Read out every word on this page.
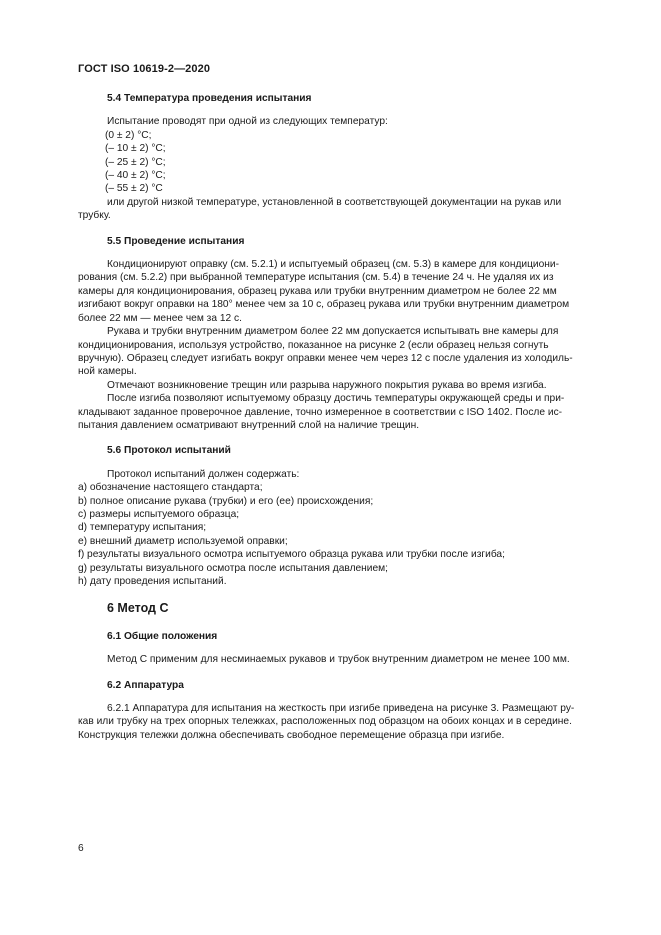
ГОСТ ISO 10619-2—2020

5.4 Температура проведения испытания

Испытание проводят при одной из следующих температур:

(0 ± 2) °С;

(– 10 ± 2) °С;

(– 25 ± 2) °С;

(– 40 ± 2) °С;

(– 55 ± 2) °С

или другой низкой температуре, установленной в соответствующей документации на рукав или

трубку.

5.5 Проведение испытания

Кондиционируют оправку (см. 5.2.1) и испытуемый образец (см. 5.3) в камере для кондициони-

рования (см. 5.2.2) при выбранной температуре испытания (см. 5.4) в течение 24 ч. Не удаляя их из

камеры для кондиционирования, образец рукава или трубки внутренним диаметром не более 22 мм

изгибают вокруг оправки на 180° менее чем за 10 с, образец рукава или трубки внутренним диаметром

более 22 мм — менее чем за 12 с.

Рукава и трубки внутренним диаметром более 22 мм допускается испытывать вне камеры для

кондиционирования, используя устройство, показанное на рисунке 2 (если образец нельзя согнуть

вручную). Образец следует изгибать вокруг оправки менее чем через 12 с после удаления из холодиль-

ной камеры.

Отмечают возникновение трещин или разрыва наружного покрытия рукава во время изгиба.

После изгиба позволяют испытуемому образцу достичь температуры окружающей среды и при-

кладывают заданное проверочное давление, точно измеренное в соответствии с ISO 1402. После ис-

пытания давлением осматривают внутренний слой на наличие трещин.

5.6 Протокол испытаний

Протокол испытаний должен содержать:

а) обозначение настоящего стандарта;

b) полное описание рукава (трубки) и его (ее) происхождения;

с) размеры испытуемого образца;

d) температуру испытания;

е) внешний диаметр используемой оправки;

f) результаты визуального осмотра испытуемого образца рукава или трубки после изгиба;

g) результаты визуального осмотра после испытания давлением;

h) дату проведения испытаний.

6 Метод С

6.1 Общие положения

Метод С применим для несминаемых рукавов и трубок внутренним диаметром не менее 100 мм.

6.2 Аппаратура

6.2.1 Аппаратура для испытания на жесткость при изгибе приведена на рисунке 3. Размещают ру-

кав или трубку на трех опорных тележках, расположенных под образцом на обоих концах и в середине.

Конструкция тележки должна обеспечивать свободное перемещение образца при изгибе.

6
